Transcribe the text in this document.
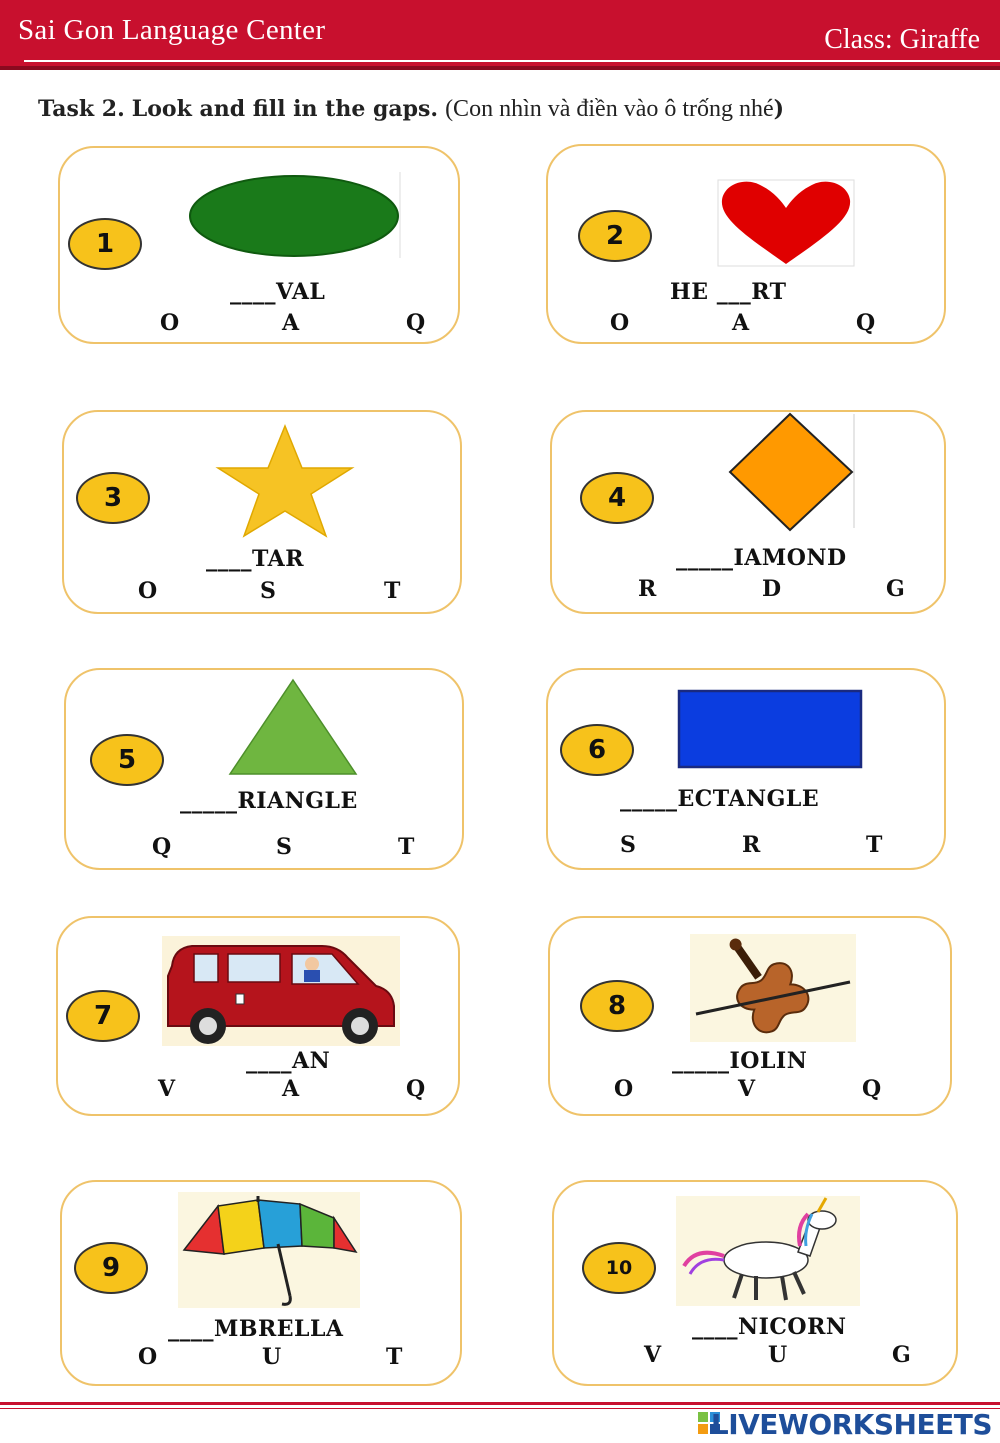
Sai Gon Language Center	Class: Giraffe
Task 2. Look and fill in the gaps. (Con nhìn và điền vào ô trống nhé)
1
____VAL
O	A	Q
2
HE ___RT
O	A	Q
3
____TAR
O	S	T
4
_____IAMOND
R	D	G
5
_____RIANGLE
Q	S	T
6
_____ECTANGLE
S	R	T
7
____AN
V	A	Q
8
_____IOLIN
O	V	Q
9
____MBRELLA
O	U	T
10
____NICORN
V	U	G
LIVEWORKSHEETS
